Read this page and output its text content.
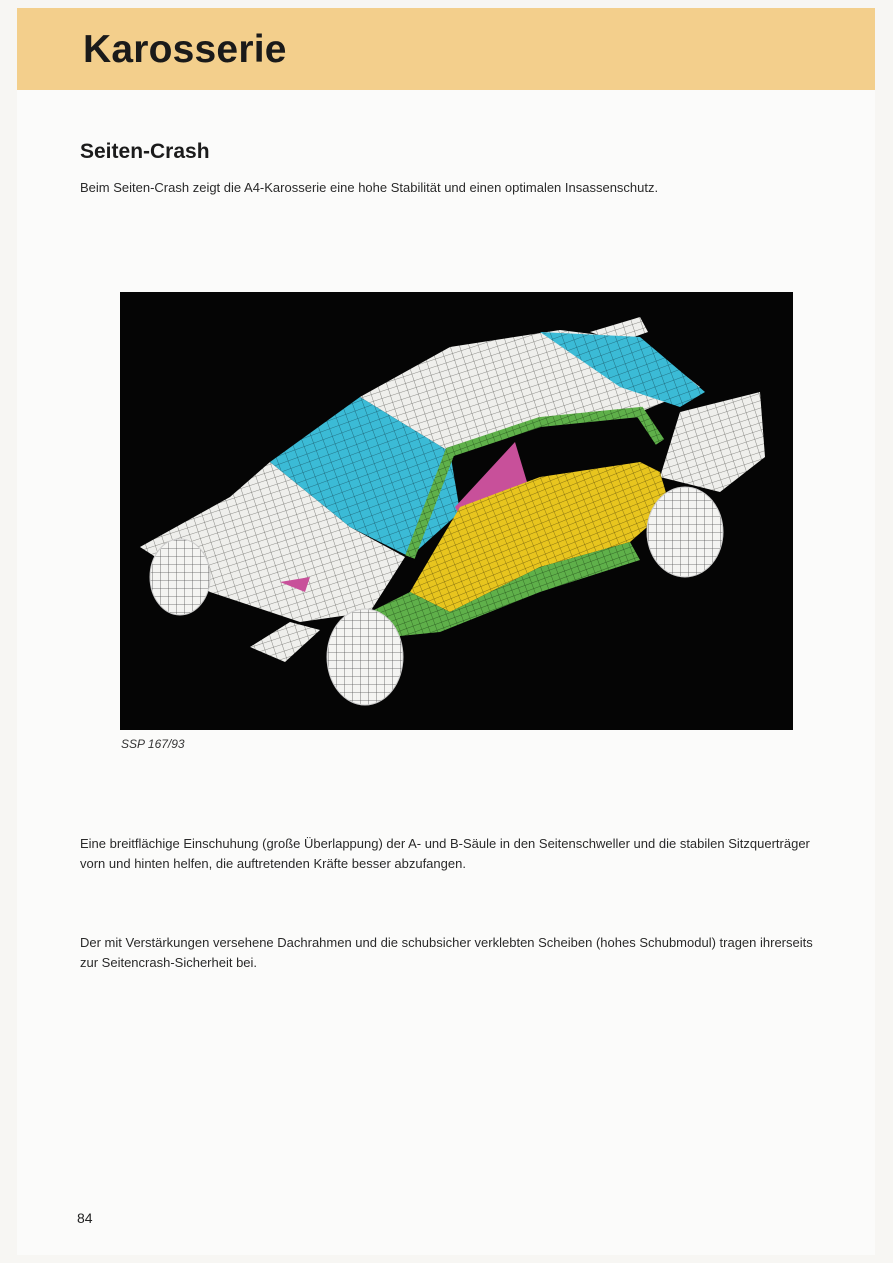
Karosserie
Seiten-Crash

Beim Seiten-Crash zeigt die A4-Karosserie eine hohe Stabilität und einen optimalen Insassenschutz.

SSP 167/93

Eine breitflächige Einschuhung (große Überlappung) der A- und B-Säule in den Seitenschweller und die stabilen Sitzquerträger vorn und hinten helfen, die auftretenden Kräfte besser abzufangen.

Der mit Verstärkungen versehene Dachrahmen und die schubsicher verklebten Scheiben (hohes Schubmodul) tragen ihrerseits zur Seitencrash-Sicherheit bei.

84
